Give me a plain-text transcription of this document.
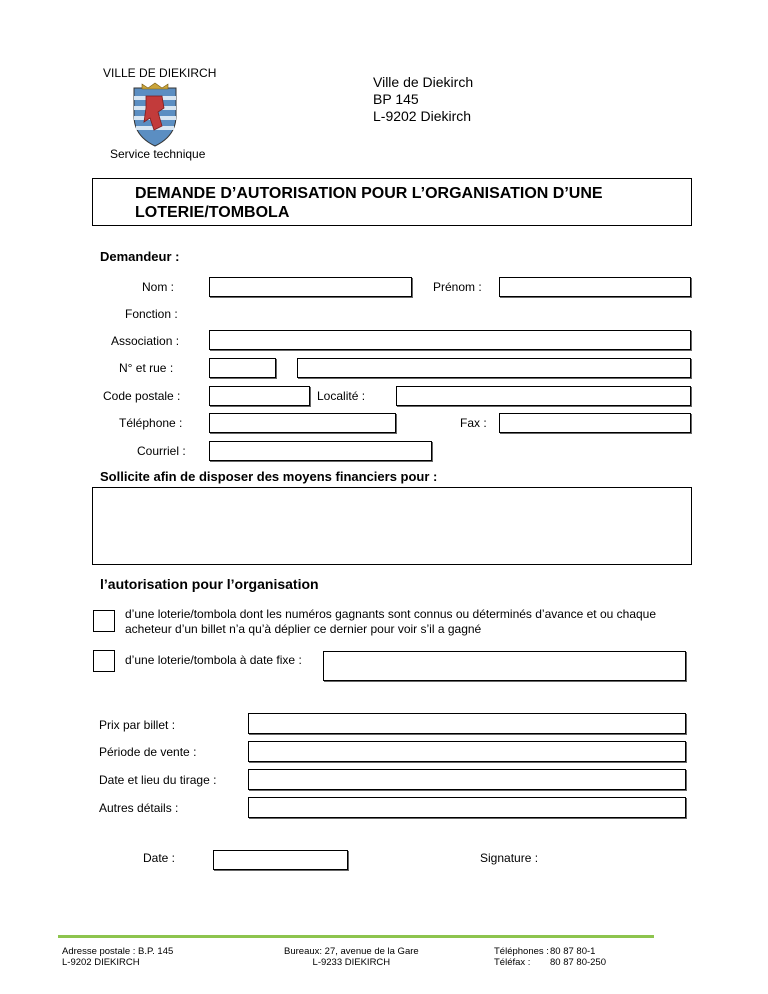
VILLE DE DIEKIRCH
Service technique
Ville de Diekirch
BP 145
L-9202 Diekirch
DEMANDE D’AUTORISATION POUR L’ORGANISATION D’UNE
LOTERIE/TOMBOLA
Demandeur :
Nom :	Prénom :
Fonction :
Association :
N° et rue :
Code postale :	Localité :
Téléphone :	Fax :
Courriel :
Sollicite afin de disposer des moyens financiers pour :
l’autorisation pour l’organisation
d’une loterie/tombola dont les numéros gagnants sont connus ou déterminés d’avance et ou chaque
acheteur d’un billet n’a qu’à déplier ce dernier pour voir s’il a gagné
d’une loterie/tombola à date fixe :
Prix par billet :
Période de vente :
Date et lieu du tirage :
Autres détails :
Date :	Signature :
Adresse postale : B.P. 145
L-9202 DIEKIRCH
Bureaux: 27, avenue de la Gare
L-9233 DIEKIRCH
Téléphones :80 87 80-1
Téléfax : 80 87 80-250
